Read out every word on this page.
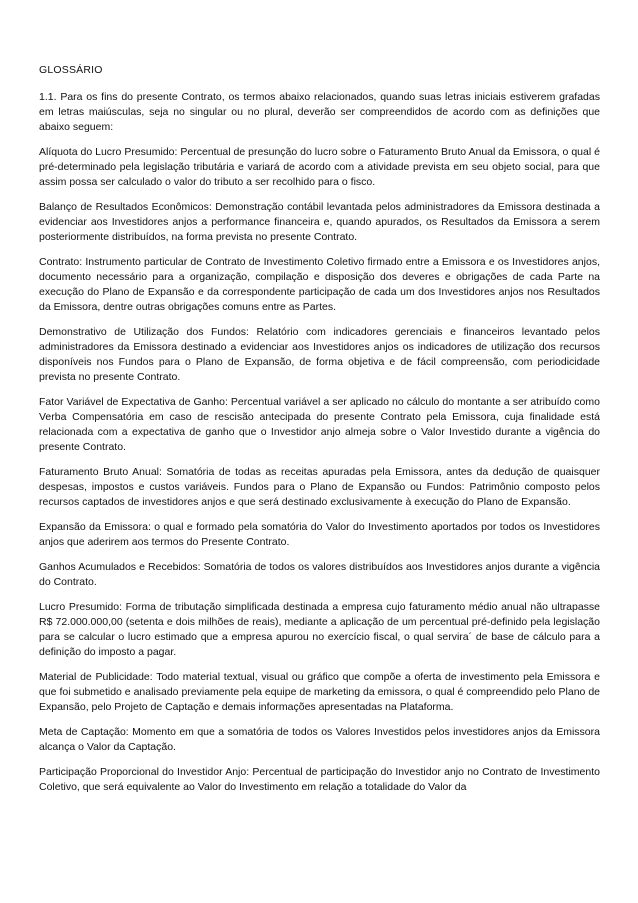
GLOSSÁRIO

1.1. Para os fins do presente Contrato, os termos abaixo relacionados, quando suas letras iniciais estiverem grafadas em letras maiúsculas, seja no singular ou no plural, deverão ser compreendidos de acordo com as definições que abaixo seguem:

Alíquota do Lucro Presumido: Percentual de presunção do lucro sobre o Faturamento Bruto Anual da Emissora, o qual é pré-determinado pela legislação tributária e variará de acordo com a atividade prevista em seu objeto social, para que assim possa ser calculado o valor do tributo a ser recolhido para o fisco.

Balanço de Resultados Econômicos: Demonstração contábil levantada pelos administradores da Emissora destinada a evidenciar aos Investidores anjos a performance financeira e, quando apurados, os Resultados da Emissora a serem posteriormente distribuídos, na forma prevista no presente Contrato.

Contrato: Instrumento particular de Contrato de Investimento Coletivo firmado entre a Emissora e os Investidores anjos, documento necessário para a organização, compilação e disposição dos deveres e obrigações de cada Parte na execução do Plano de Expansão e da correspondente participação de cada um dos Investidores anjos nos Resultados da Emissora, dentre outras obrigações comuns entre as Partes.

Demonstrativo de Utilização dos Fundos: Relatório com indicadores gerenciais e financeiros levantado pelos administradores da Emissora destinado a evidenciar aos Investidores anjos os indicadores de utilização dos recursos disponíveis nos Fundos para o Plano de Expansão, de forma objetiva e de fácil compreensão, com periodicidade prevista no presente Contrato.

Fator Variável de Expectativa de Ganho: Percentual variável a ser aplicado no cálculo do montante a ser atribuído como Verba Compensatória em caso de rescisão antecipada do presente Contrato pela Emissora, cuja finalidade está relacionada com a expectativa de ganho que o Investidor anjo almeja sobre o Valor Investido durante a vigência do presente Contrato.

Faturamento Bruto Anual: Somatória de todas as receitas apuradas pela Emissora, antes da dedução de quaisquer despesas, impostos e custos variáveis. Fundos para o Plano de Expansão ou Fundos: Patrimônio composto pelos recursos captados de investidores anjos e que será destinado exclusivamente à execução do Plano de Expansão.

Expansão da Emissora: o qual e formado pela somatória do Valor do Investimento aportados por todos os Investidores anjos que aderirem aos termos do Presente Contrato.

Ganhos Acumulados e Recebidos: Somatória de todos os valores distribuídos aos Investidores anjos durante a vigência do Contrato.

Lucro Presumido: Forma de tributação simplificada destinada a empresa cujo faturamento médio anual não ultrapasse R$ 72.000.000,00 (setenta e dois milhões de reais), mediante a aplicação de um percentual pré-definido pela legislação para se calcular o lucro estimado que a empresa apurou no exercício fiscal, o qual servira´ de base de cálculo para a definição do imposto a pagar.

Material de Publicidade: Todo material textual, visual ou gráfico que compõe a oferta de investimento pela Emissora e que foi submetido e analisado previamente pela equipe de marketing da emissora, o qual é compreendido pelo Plano de Expansão, pelo Projeto de Captação e demais informações apresentadas na Plataforma.

Meta de Captação: Momento em que a somatória de todos os Valores Investidos pelos investidores anjos da Emissora alcança o Valor da Captação.

Participação Proporcional do Investidor Anjo: Percentual de participação do Investidor anjo no Contrato de Investimento Coletivo, que será equivalente ao Valor do Investimento em relação a totalidade do Valor da
